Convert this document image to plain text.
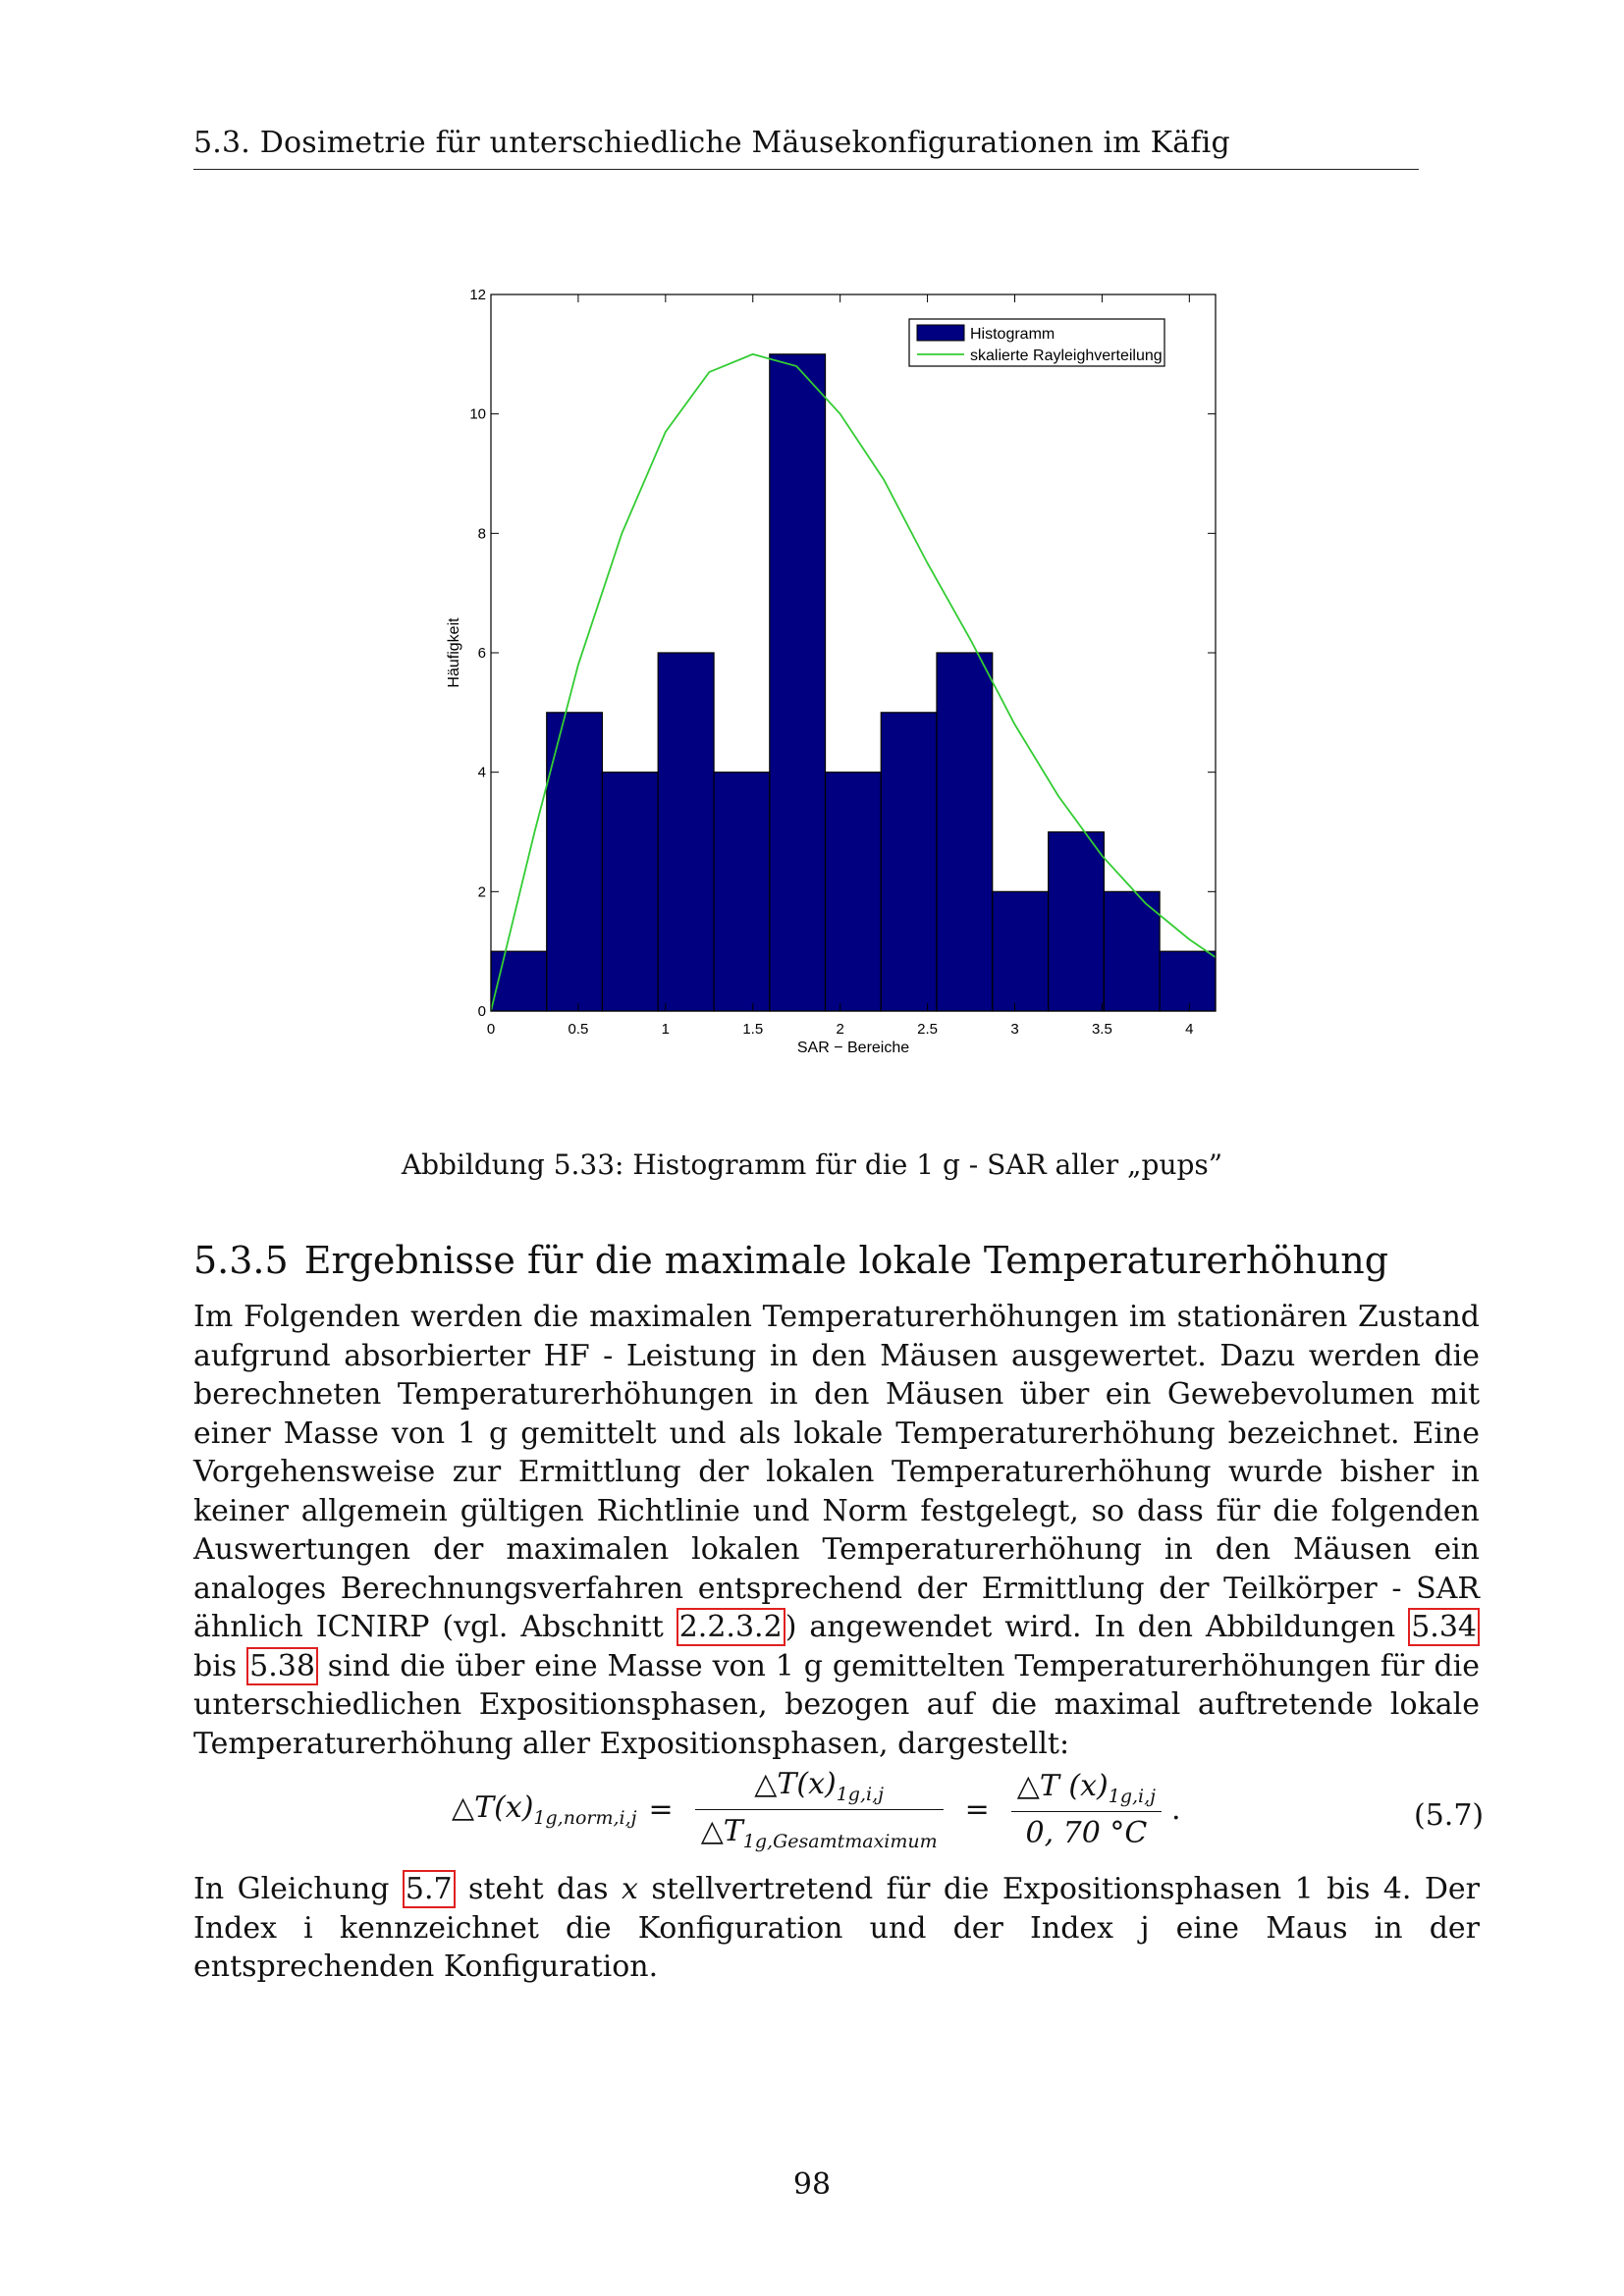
5.3. Dosimetrie für unterschiedliche Mäusekonfigurationen im Käfig
0	0.5	1	1.5	2	2.5	3	3.5	4
0
2
4
6
8
10
12
SAR − Bereiche
Häufigkeit
Histogramm
skalierte Rayleighverteilung
Abbildung 5.33: Histogramm für die 1 g - SAR aller „pups”
5.3.5 Ergebnisse für die maximale lokale Temperaturerhöhung
Im Folgenden werden die maximalen Temperaturerhöhungen im stationären Zustand aufgrund absorbierter HF - Leistung in den Mäusen ausgewertet. Dazu werden die berechneten Temperaturerhöhungen in den Mäusen über ein Gewebevolumen mit einer Masse von 1 g gemittelt und als lokale Temperaturerhöhung bezeichnet. Eine Vorgehensweise zur Ermittlung der lokalen Temperaturerhöhung wurde bisher in keiner allgemein gültigen Richtlinie und Norm festgelegt, so dass für die folgenden Auswertungen der maximalen lokalen Temperaturerhöhung in den Mäusen ein analoges Berechnungsverfahren entsprechend der Ermittlung der Teilkörper - SAR ähnlich ICNIRP (vgl. Abschnitt 2.2.3.2 ) angewendet wird. In den Abbildungen 5.34 bis 5.38 sind die über eine Masse von 1 g gemittelten Temperaturerhöhungen für die unterschiedlichen Expositionsphasen, bezogen auf die maximal auftretende lokale Temperaturerhöhung aller Expositionsphasen, dargestellt:
$\triangle T(x)_{1g,norm,i,j} = \frac{\triangle T(x)_{1g,i,j}}{\triangle T_{1g,Gesamtmaximum}} = \frac{\triangle T (x)_{1g,i,j}}{0, 70 ^\circ C}$ .	(5.7)
In Gleichung 5.7 steht das x stellvertretend für die Expositionsphasen 1 bis 4. Der Index i kennzeichnet die Konfiguration und der Index j eine Maus in der entsprechenden Konfiguration.
98
